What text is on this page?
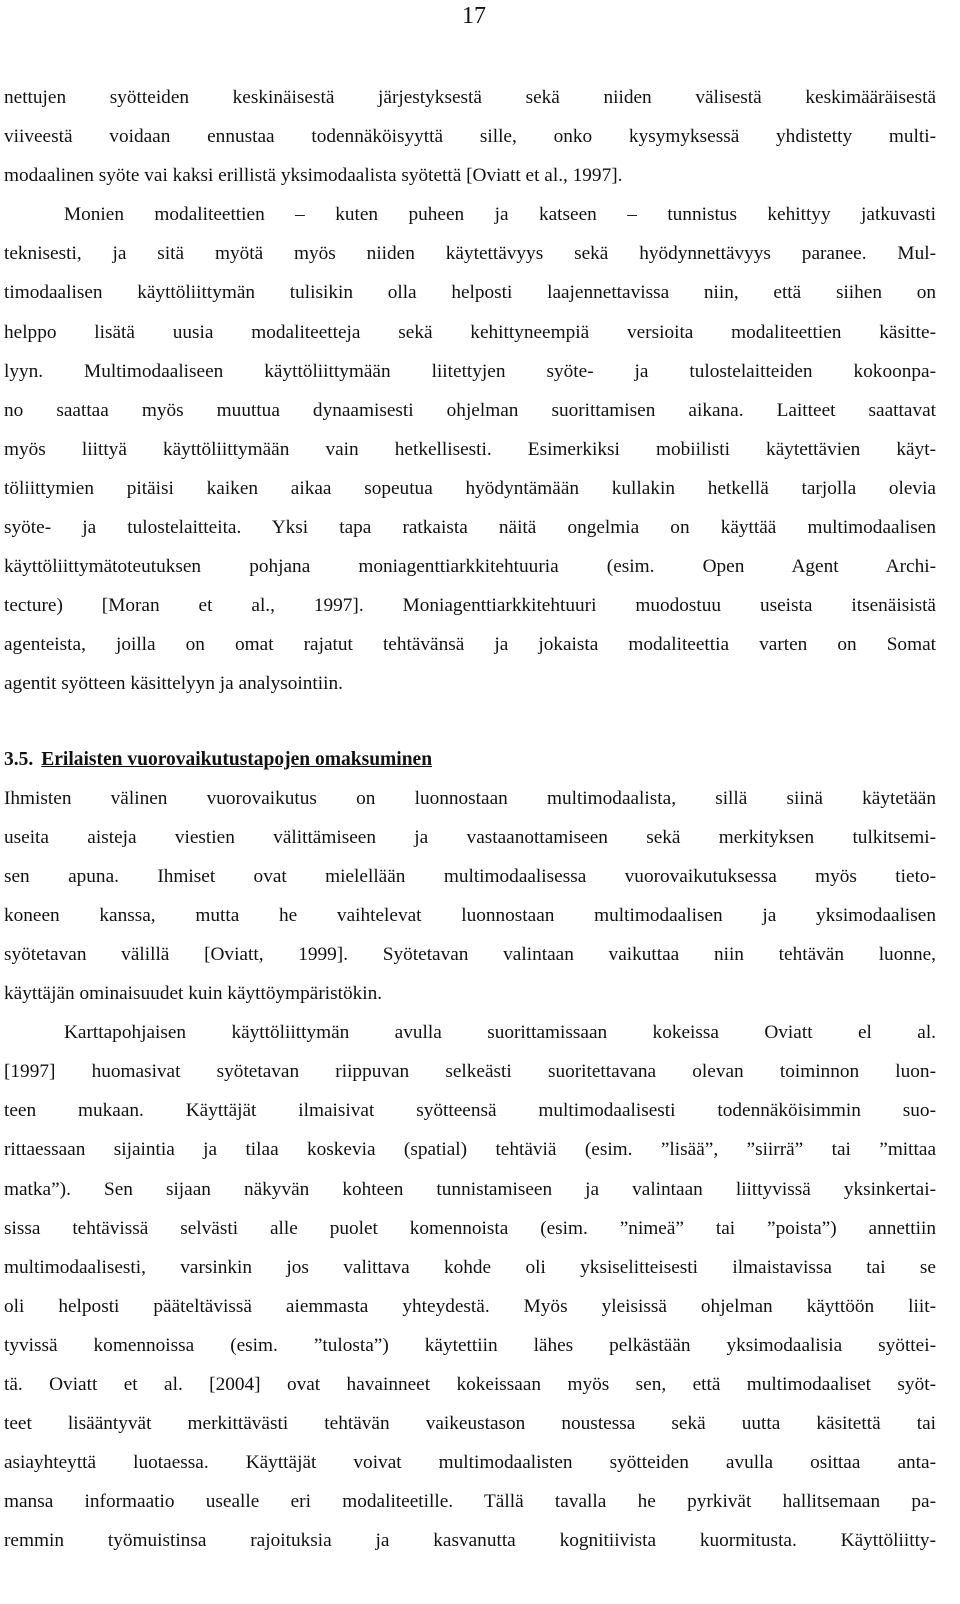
17
nettujen syötteiden keskinäisestä järjestyksestä sekä niiden välisestä keskimääräisestä
viiveestä voidaan ennustaa todennäköisyyttä sille, onko kysymyksessä yhdistetty multi-
modaalinen syöte vai kaksi erillistä yksimodaalista syötettä [Oviatt et al., 1997].
Monien modaliteettien – kuten puheen ja katseen – tunnistus kehittyy jatkuvasti
teknisesti, ja sitä myötä myös niiden käytettävyys sekä hyödynnettävyys paranee. Mul-
timodaalisen käyttöliittymän tulisikin olla helposti laajennettavissa niin, että siihen on
helppo lisätä uusia modaliteetteja sekä kehittyneempiä versioita modaliteettien käsitte-
lyyn. Multimodaaliseen käyttöliittymään liitettyjen syöte- ja tulostelaitteiden kokoonpa-
no saattaa myös muuttua dynaamisesti ohjelman suorittamisen aikana. Laitteet saattavat
myös liittyä käyttöliittymään vain hetkellisesti. Esimerkiksi mobiilisti käytettävien käyt-
töliittymien pitäisi kaiken aikaa sopeutua hyödyntämään kullakin hetkellä tarjolla olevia
syöte- ja tulostelaitteita. Yksi tapa ratkaista näitä ongelmia on käyttää multimodaalisen
käyttöliittymätoteutuksen pohjana moniagenttiarkkitehtuuria (esim. Open Agent Archi-
tecture) [Moran et al., 1997]. Moniagenttiarkkitehtuuri muodostuu useista itsenäisistä
agenteista, joilla on omat rajatut tehtävänsä ja jokaista modaliteettia varten on Somat
agentit syötteen käsittelyyn ja analysointiin.
3.5. Erilaisten vuorovaikutustapojen omaksuminen
Ihmisten välinen vuorovaikutus on luonnostaan multimodaalista, sillä siinä käytetään
useita aisteja viestien välittämiseen ja vastaanottamiseen sekä merkityksen tulkitsemi-
sen apuna. Ihmiset ovat mielellään multimodaalisessa vuorovaikutuksessa myös tieto-
koneen kanssa, mutta he vaihtelevat luonnostaan multimodaalisen ja yksimodaalisen
syötetavan välillä [Oviatt, 1999]. Syötetavan valintaan vaikuttaa niin tehtävän luonne,
käyttäjän ominaisuudet kuin käyttöympäristökin.
Karttapohjaisen käyttöliittymän avulla suorittamissaan kokeissa Oviatt el al.
[1997] huomasivat syötetavan riippuvan selkeästi suoritettavana olevan toiminnon luon-
teen mukaan. Käyttäjät ilmaisivat syötteensä multimodaalisesti todennäköisimmin suo-
rittaessaan sijaintia ja tilaa koskevia (spatial) tehtäviä (esim. ”lisää”, ”siirrä” tai ”mittaa
matka”). Sen sijaan näkyvän kohteen tunnistamiseen ja valintaan liittyvissä yksinkertai-
sissa tehtävissä selvästi alle puolet komennoista (esim. ”nimeä” tai ”poista”) annettiin
multimodaalisesti, varsinkin jos valittava kohde oli yksiselitteisesti ilmaistavissa tai se
oli helposti pääteltävissä aiemmasta yhteydestä. Myös yleisissä ohjelman käyttöön liit-
tyvissä komennoissa (esim. ”tulosta”) käytettiin lähes pelkästään yksimodaalisia syöttei-
tä. Oviatt et al. [2004] ovat havainneet kokeissaan myös sen, että multimodaaliset syöt-
teet lisääntyvät merkittävästi tehtävän vaikeustason noustessa sekä uutta käsitettä tai
asiayhteyttä luotaessa. Käyttäjät voivat multimodaalisten syötteiden avulla osittaa anta-
mansa informaatio usealle eri modaliteetille. Tällä tavalla he pyrkivät hallitsemaan pa-
remmin työmuistinsa rajoituksia ja kasvanutta kognitiivista kuormitusta. Käyttöliitty-
